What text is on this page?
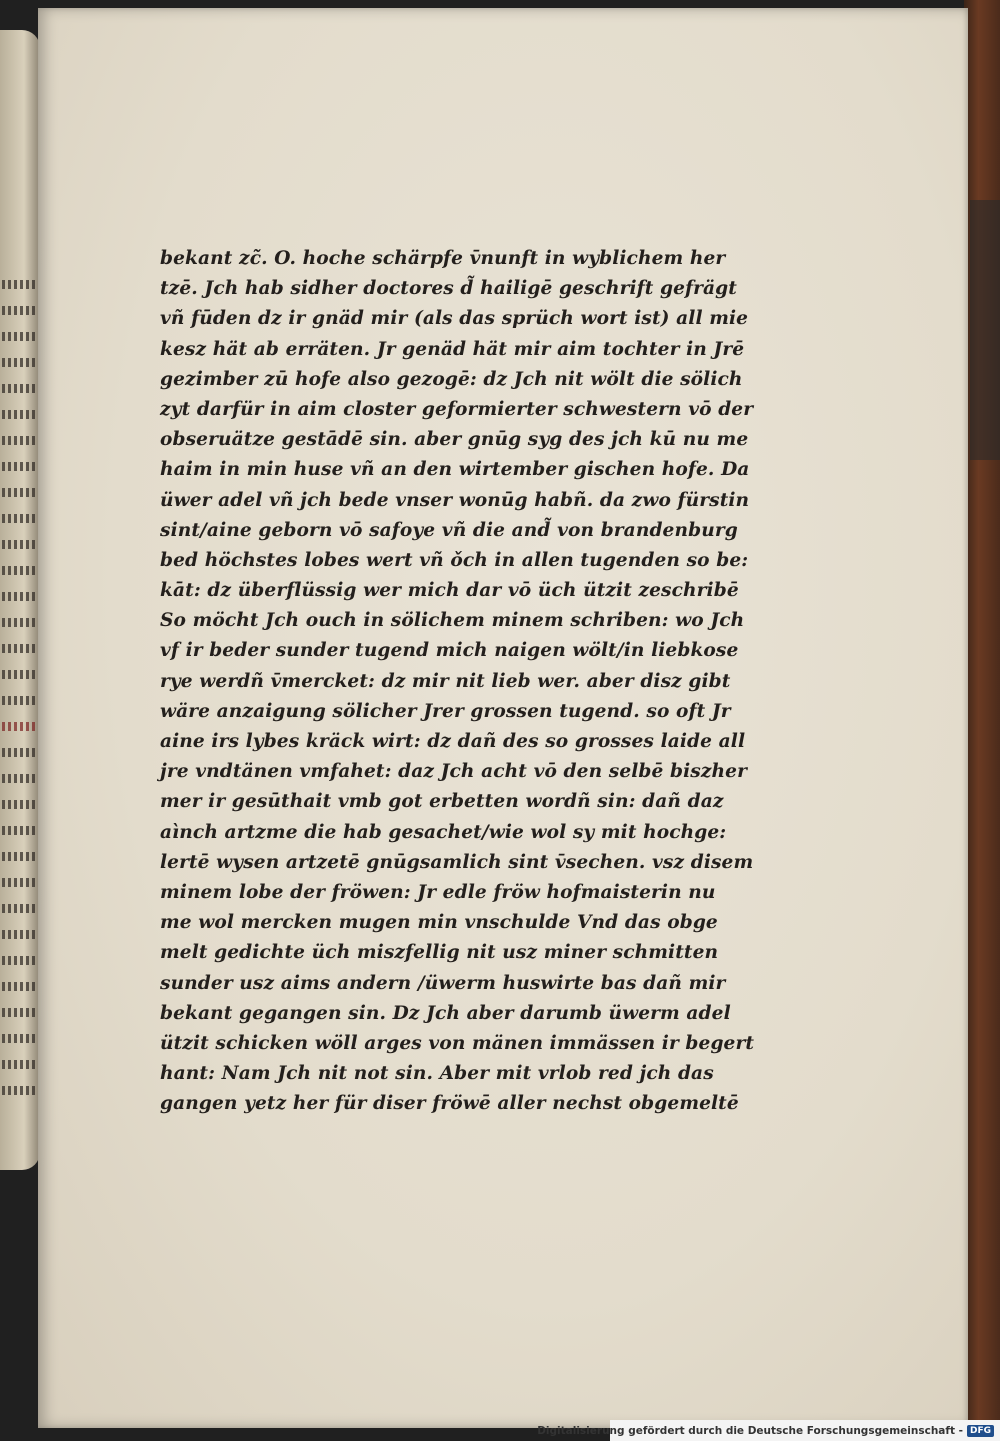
bekant zc̃. O. hoche schärpfe v̄nunft in wyblichem her
tzē. Jch hab sidher doctores d̃ hailigē geschrift gefrägt
vñ fūden dz ir gnäd mir (als das sprüch wort ist) all mie
kesz hät ab erräten. Jr genäd hät mir aim tochter in Jrē
gezimber zū hofe also gezogē: dz Jch nit wölt die sölich
zyt darfür in aim closter geformierter schwestern vō der
obseruätze gestādē sin. aber gnūg syg des jch kū nu me
haim in min huse vñ an den wirtember gischen hofe. Da
üwer adel vñ jch bede vnser wonūg habñ. da zwo fürstin
sint/aine geborn vō safoye vñ die and̃ von brandenburg
bed höchstes lobes wert vñ ǒch in allen tugenden so be:
kāt: dz überflüssig wer mich dar vō üch ützit zeschribē
So möcht Jch ouch in sölichem minem schriben: wo Jch
vf ir beder sunder tugend mich naigen wölt/in liebkose
rye werdñ v̄mercket: dz mir nit lieb wer. aber disz gibt
wäre anzaigung sölicher Jrer grossen tugend. so oft Jr
aine irs lybes kräck wirt: dz dañ des so grosses laide all
jre vndtänen vmfahet: daz Jch acht vō den selbē biszher
mer ir gesūthait vmb got erbetten wordñ sin: dañ daz
aìnch artzme die hab gesachet/wie wol sy mit hochge:
lertē wysen artzetē gnūgsamlich sint v̄sechen. vsz disem
minem lobe der fröwen: Jr edle fröw hofmaisterin nu
me wol mercken mugen min vnschulde Vnd das obge
melt gedichte üch miszfellig nit usz miner schmitten
sunder usz aims andern /üwerm huswirte bas dañ mir
bekant gegangen sin. Dz Jch aber darumb üwerm adel
ützit schicken wöll arges von mänen immässen ir begert
hant: Nam Jch nit not sin. Aber mit vrlob red jch das
gangen yetz her für diser fröwē aller nechst obgemeltē
Digitalisierung gefördert durch die Deutsche Forschungsgemeinschaft - DFG
